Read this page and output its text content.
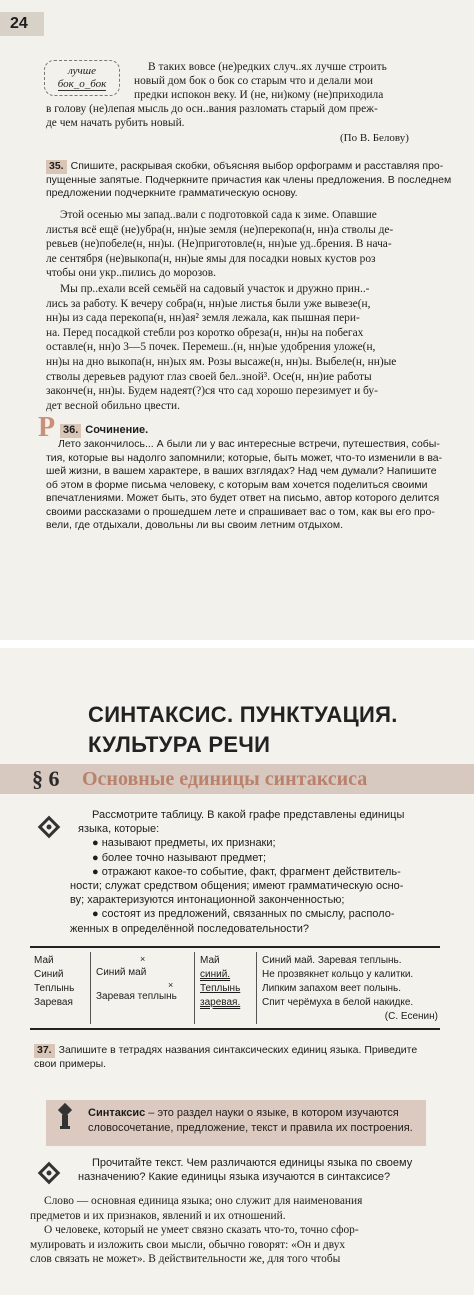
24
лучше
бок_о_бок
В таких вовсе (не)редких случ..ях лучше строить
новый дом бок о бок со старым что и делали мои
предки испокон веку. И (не, ни)кому (не)приходила
в голову (не)лепая мысль до осн..вания разломать старый дом преж-
де чем начать рубить новый.
(По В. Белову)
35. Спишите, раскрывая скобки, объясняя выбор орфограмм и расставляя про-
пущенные запятые. Подчеркните причастия как члены предложения. В последнем
предложении подчеркните грамматическую основу.
Этой осенью мы запад..вали с подготовкой сада к зиме. Опавшие
листья всё ещё (не)убра(н, нн)ые земля (не)перекопа(н, нн)а стволы де-
ревьев (не)побеле(н, нн)ы. (Не)приготовле(н, нн)ые уд..брения. В нача-
ле сентября (не)выкопа(н, нн)ые ямы для посадки новых кустов роз
чтобы они укр..пились до морозов.
Мы пр..ехали всей семьёй на садовый участок и дружно прин..-
лись за работу. К вечеру собра(н, нн)ые листья были уже вывезе(н,
нн)ы из сада перекопа(н, нн)ая² земля лежала, как пышная пери-
на. Перед посадкой стебли роз коротко обреза(н, нн)ы на побегах
оставле(н, нн)о 3—5 почек. Перемеш..(н, нн)ые удобрения уложе(н,
нн)ы на дно выкопа(н, нн)ых ям. Розы высаже(н, нн)ы. Выбеле(н, нн)ые
стволы деревьев радуют глаз своей бел..зной³. Осе(н, нн)ие работы
законче(н, нн)ы. Будем надеят(?)ся что сад хорошо перезимует и бу-
дет весной обильно цвести.
Р 36. Сочинение.
Лето закончилось... А были ли у вас интересные встречи, путешествия, собы-
тия, которые вы надолго запомнили; которые, быть может, что-то изменили в ва-
шей жизни, в вашем характере, в ваших взглядах? Над чем думали? Напишите
об этом в форме письма человеку, с которым вам хочется поделиться своими
впечатлениями. Может быть, это будет ответ на письмо, автор которого делится
своими рассказами о прошедшем лете и спрашивает вас о том, как вы его про-
вели, где отдыхали, довольны ли вы своим летним отдыхом.
СИНТАКСИС. ПУНКТУАЦИЯ.
КУЛЬТУРА РЕЧИ
§ 6 Основные единицы синтаксиса
Рассмотрите таблицу. В какой графе представлены единицы
языка, которые:
● называют предметы, их признаки;
● более точно называют предмет;
● отражают какое-то событие, факт, фрагмент действитель-
ности; служат средством общения; имеют грамматическую осно-
ву; характеризуются интонационной законченностью;
● состоят из предложений, связанных по смыслу, располо-
женных в определённой последовательности?
Май
Синий
Теплынь
Заревая
×
Синий май
×
Заревая теплынь
Май
синий.
Теплынь
заревая.
Синий май. Заревая теплынь.
Не прозвякнет кольцо у калитки.
Липким запахом веет полынь.
Спит черёмуха в белой накидке.
(С. Есенин)
37. Запишите в тетрадях названия синтаксических единиц языка. Приведите
свои примеры.
Синтаксис – это раздел науки о языке, в котором изучаются
словосочетание, предложение, текст и правила их построения.
Прочитайте текст. Чем различаются единицы языка по своему
назначению? Какие единицы языка изучаются в синтаксисе?
Слово — основная единица языка; оно служит для наименования
предметов и их признаков, явлений и их отношений.
О человеке, который не умеет связно сказать что-то, точно сфор-
мулировать и изложить свои мысли, обычно говорят: «Он и двух
слов связать не может». В действительности же, для того чтобы
